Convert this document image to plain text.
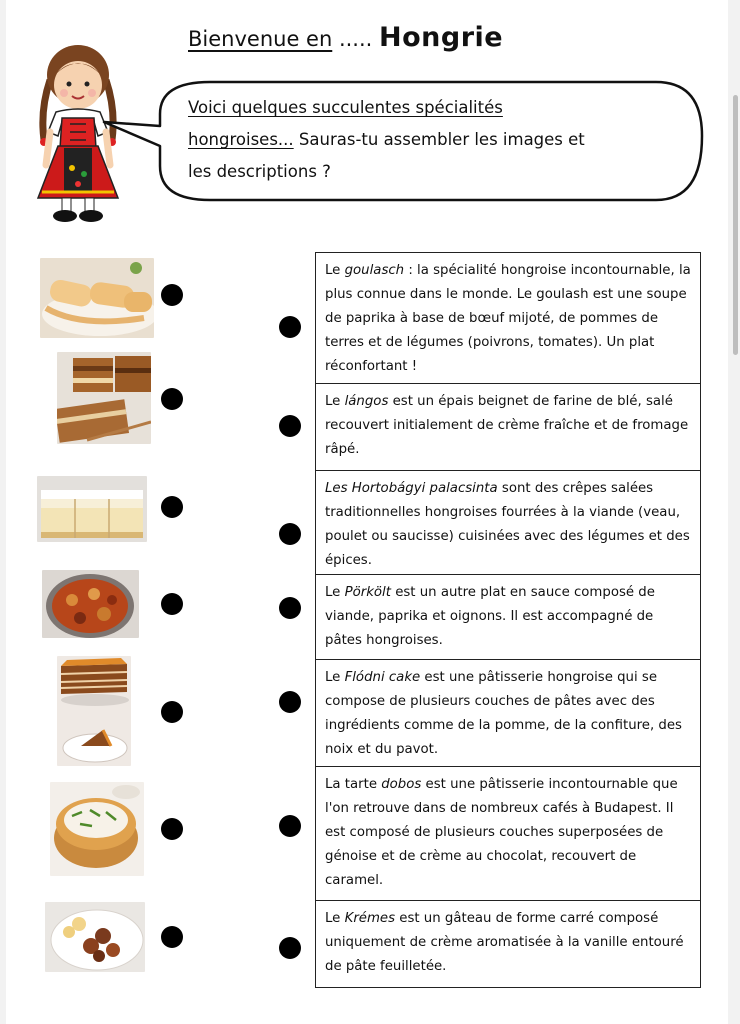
Bienvenue en ..... Hongrie
Voici quelques succulentes spécialités
hongroises... Sauras-tu assembler les images et
les descriptions ?
Le goulasch : la spécialité hongroise incontournable, la plus connue dans le monde. Le goulash est une soupe de paprika à base de bœuf mijoté, de pommes de terres et de légumes (poivrons, tomates). Un plat réconfortant !
Le lángos est un épais beignet de farine de blé, salé recouvert initialement de crème fraîche et de fromage râpé.
Les Hortobágyi palacsinta sont des crêpes salées traditionnelles hongroises fourrées à la viande (veau, poulet ou saucisse) cuisinées avec des légumes et des épices.
Le Pörkölt est un autre plat en sauce composé de viande, paprika et oignons. Il est accompagné de pâtes hongroises.
Le Flódni cake est une pâtisserie hongroise qui se compose de plusieurs couches de pâtes avec des ingrédients comme de la pomme, de la confiture, des noix et du pavot.
La tarte dobos est une pâtisserie incontournable que l'on retrouve dans de nombreux cafés à Budapest. Il est composé de plusieurs couches superposées de génoise et de crème au chocolat, recouvert de caramel.
Le Krémes est un gâteau de forme carré composé uniquement de crème aromatisée à la vanille entouré de pâte feuilletée.
